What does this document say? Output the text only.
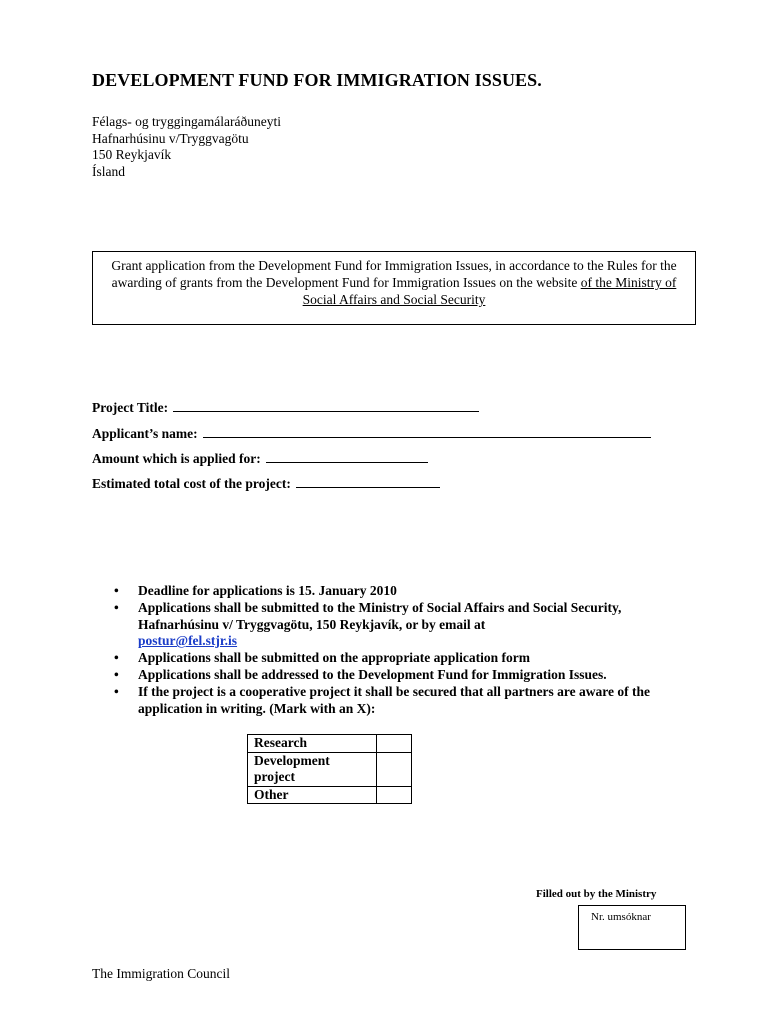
DEVELOPMENT FUND FOR IMMIGRATION ISSUES.
Félags- og tryggingamálaráðuneyti
Hafnarhúsinu v/Tryggvagötu
150 Reykjavík
Ísland
Grant application from the Development Fund for Immigration Issues, in accordance to the Rules for the awarding of grants from the Development Fund for Immigration Issues on the website of the Ministry of Social Affairs and Social Security
Project Title:
Applicant’s name:
Amount which is applied for:
Estimated total cost of the project:
• Deadline for applications is 15. January 2010
• Applications shall be submitted to the Ministry of Social Affairs and Social Security, Hafnarhúsinu v/ Tryggvagötu, 150 Reykjavík, or by email at
postur@fel.stjr.is
• Applications shall be submitted on the appropriate application form
• Applications shall be addressed to the Development Fund for Immigration Issues.
• If the project is a cooperative project it shall be secured that all partners are aware of the application in writing. (Mark with an X):
Research	
Development project	
Other	
Filled out by the Ministry
Nr. umsóknar
The Immigration Council
